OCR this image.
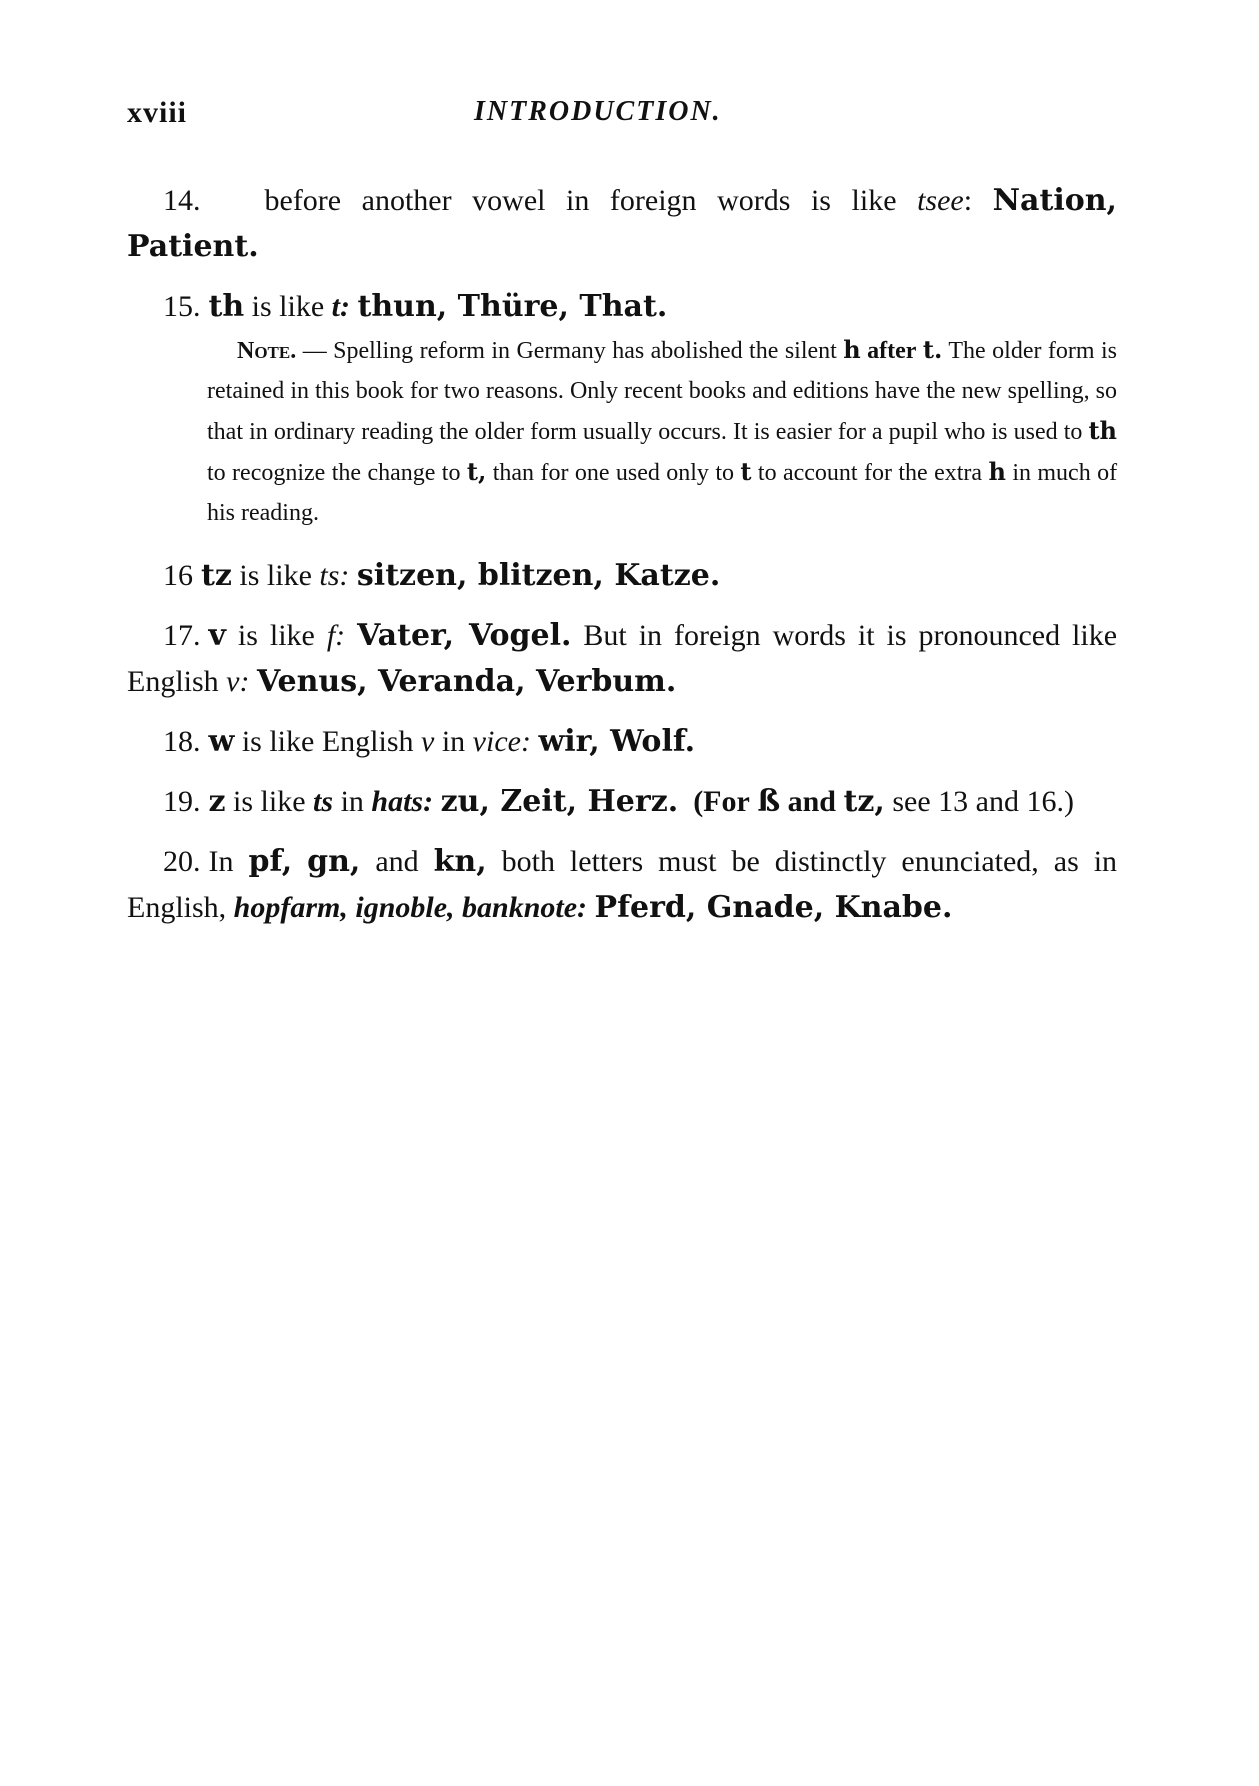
xviii	INTRODUCTION.

14. before another vowel in foreign words is like tsee: Nation, Patient.

15. th is like t: thun, Thüre, That.

Note. — Spelling reform in Germany has abolished the silent h after t. The older form is retained in this book for two reasons. Only recent books and editions have the new spelling, so that in ordinary reading the older form usually occurs. It is easier for a pupil who is used to th to recognize the change to t, than for one used only to t to account for the extra h in much of his reading.

16 tz is like ts: sitzen, blitzen, Katze.

17. v is like f: Vater, Vogel. But in foreign words it is pronounced like English v: Venus, Veranda, Verbum.

18. w is like English v in vice: wir, Wolf.

19. z is like ts in hats: zu, Zeit, Herz. (For ß and tz, see 13 and 16.)

20. In pf, gn, and kn, both letters must be distinctly enunciated, as in English, hopfarm, ignoble, banknote: Pferd, Gnade, Knabe.
